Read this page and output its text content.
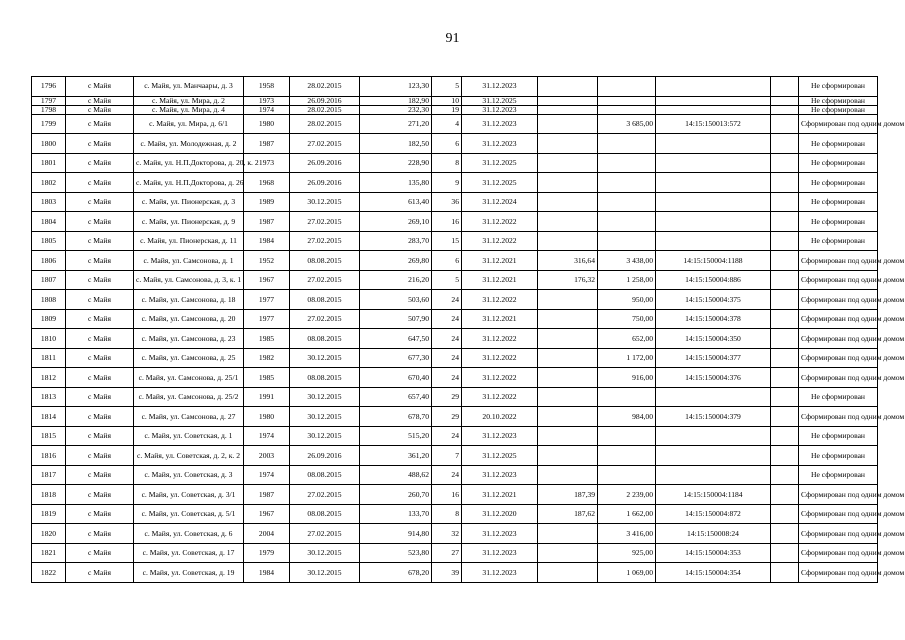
91
1796	с Майя	с. Майя, ул. Манчаары, д. 3	1958	28.02.2015	123,30	5	31.12.2023					Не сформирован
1797	с Майя	с. Майя, ул. Мира, д. 2	1973	26.09.2016	182,90	10	31.12.2025					Не сформирован
1798	с Майя	с. Майя, ул. Мира, д. 4	1974	28.02.2015	232,30	19	31.12.2023					Не сформирован
1799	с Майя	с. Майя, ул. Мира, д. 6/1	1980	28.02.2015	271,20	4	31.12.2023		3 685,00	14:15:150013:572		Сформирован под одним домом
1800	с Майя	с. Майя, ул. Молодежная, д. 2	1987	27.02.2015	182,50	6	31.12.2023					Не сформирован
1801	с Майя	с. Майя, ул. Н.П.Докторова, д. 20, к. 2	1973	26.09.2016	228,90	8	31.12.2025					Не сформирован
1802	с Майя	с. Майя, ул. Н.П.Докторова, д. 26	1968	26.09.2016	135,80	9	31.12.2025					Не сформирован
1803	с Майя	с. Майя, ул. Пионерская, д. 3	1989	30.12.2015	613,40	36	31.12.2024					Не сформирован
1804	с Майя	с. Майя, ул. Пионерская, д. 9	1987	27.02.2015	269,10	16	31.12.2022					Не сформирован
1805	с Майя	с. Майя, ул. Пионерская, д. 11	1984	27.02.2015	283,70	15	31.12.2022					Не сформирован
1806	с Майя	с. Майя, ул. Самсонова, д. 1	1952	08.08.2015	269,80	6	31.12.2021	316,64	3 438,00	14:15:150004:1188		Сформирован под одним домом
1807	с Майя	с. Майя, ул. Самсонова, д. 3, к. 1	1967	27.02.2015	216,20	5	31.12.2021	176,32	1 258,00	14:15:150004:886		Сформирован под одним домом
1808	с Майя	с. Майя, ул. Самсонова, д. 18	1977	08.08.2015	503,60	24	31.12.2022		950,00	14:15:150004:375		Сформирован под одним домом
1809	с Майя	с. Майя, ул. Самсонова, д. 20	1977	27.02.2015	507,90	24	31.12.2021		750,00	14:15:150004:378		Сформирован под одним домом
1810	с Майя	с. Майя, ул. Самсонова, д. 23	1985	08.08.2015	647,50	24	31.12.2022		652,00	14:15:150004:350		Сформирован под одним домом
1811	с Майя	с. Майя, ул. Самсонова, д. 25	1982	30.12.2015	677,30	24	31.12.2022		1 172,00	14:15:150004:377		Сформирован под одним домом
1812	с Майя	с. Майя, ул. Самсонова, д. 25/1	1985	08.08.2015	670,40	24	31.12.2022		916,00	14:15:150004:376		Сформирован под одним домом
1813	с Майя	с. Майя, ул. Самсонова, д. 25/2	1991	30.12.2015	657,40	29	31.12.2022					Не сформирован
1814	с Майя	с. Майя, ул. Самсонова, д. 27	1980	30.12.2015	678,70	29	20.10.2022		984,00	14:15:150004:379		Сформирован под одним домом
1815	с Майя	с. Майя, ул. Советская, д. 1	1974	30.12.2015	515,20	24	31.12.2023					Не сформирован
1816	с Майя	с. Майя, ул. Советская, д. 2, к. 2	2003	26.09.2016	361,20	7	31.12.2025					Не сформирован
1817	с Майя	с. Майя, ул. Советская, д. 3	1974	08.08.2015	488,62	24	31.12.2023					Не сформирован
1818	с Майя	с. Майя, ул. Советская, д. 3/1	1987	27.02.2015	260,70	16	31.12.2021	187,39	2 239,00	14:15:150004:1184		Сформирован под одним домом
1819	с Майя	с. Майя, ул. Советская, д. 5/1	1967	08.08.2015	133,70	8	31.12.2020	187,62	1 662,00	14:15:150004:872		Сформирован под одним домом
1820	с Майя	с. Майя, ул. Советская, д. 6	2004	27.02.2015	914,80	32	31.12.2023		3 416,00	14:15:150008:24		Сформирован под одним домом
1821	с Майя	с. Майя, ул. Советская, д. 17	1979	30.12.2015	523,80	27	31.12.2023		925,00	14:15:150004:353		Сформирован под одним домом
1822	с Майя	с. Майя, ул. Советская, д. 19	1984	30.12.2015	678,20	39	31.12.2023		1 069,00	14:15:150004:354		Сформирован под одним домом
